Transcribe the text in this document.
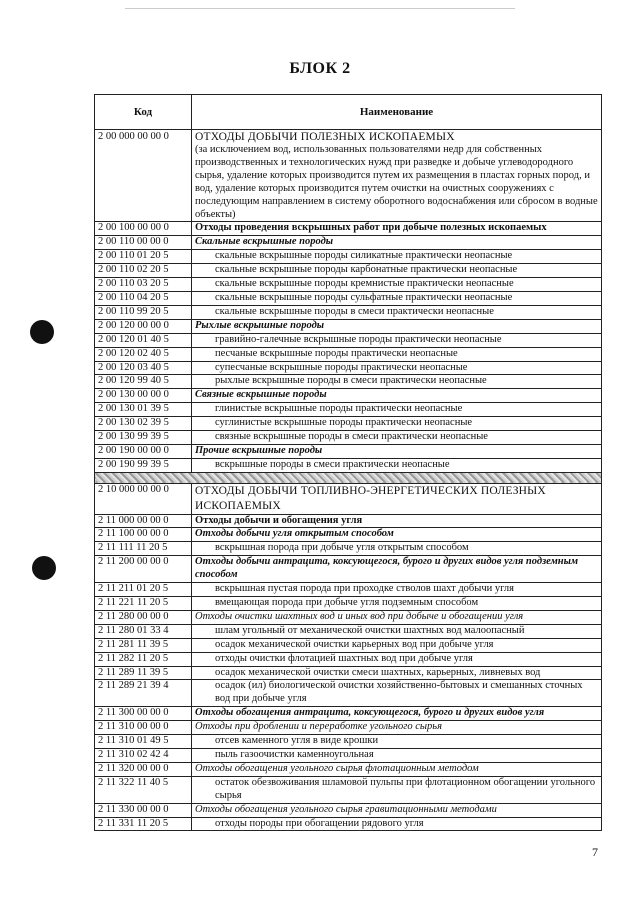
БЛОК 2
Код	Наименование
2 00 000 00 00 0	ОТХОДЫ ДОБЫЧИ ПОЛЕЗНЫХ ИСКОПАЕМЫХ
(за исключением вод, использованных пользователями недр для собственных производственных и технологических нужд при разведке и добыче углеводородного сырья, удаление которых производится путем их размещения в пластах горных пород, и вод, удаление которых производится путем очистки на очистных сооружениях с последующим направлением в систему оборотного водоснабжения или сбросом в водные объекты)

2 00 100 00 00 0	Отходы проведения вскрышных работ при добыче полезных ископаемых
2 00 110 00 00 0	Скальные вскрышные породы
2 00 110 01 20 5	скальные вскрышные породы силикатные практически неопасные

2 00 110 02 20 5	скальные вскрышные породы карбонатные практически неопасные

2 00 110 03 20 5	скальные вскрышные породы кремнистые практически неопасные

2 00 110 04 20 5	скальные вскрышные породы сульфатные практически неопасные

2 00 110 99 20 5	скальные вскрышные породы в смеси практически неопасные

2 00 120 00 00 0	Рыхлые вскрышные породы
2 00 120 01 40 5	гравийно-галечные вскрышные породы практически неопасные

2 00 120 02 40 5	песчаные вскрышные породы практически неопасные

2 00 120 03 40 5	супесчаные вскрышные породы практически неопасные

2 00 120 99 40 5	рыхлые вскрышные породы в смеси практически неопасные

2 00 130 00 00 0	Связные вскрышные породы
2 00 130 01 39 5	глинистые вскрышные породы практически неопасные

2 00 130 02 39 5	суглинистые вскрышные породы практически неопасные

2 00 130 99 39 5	связные вскрышные породы в смеси практически неопасные

2 00 190 00 00 0	Прочие вскрышные породы
2 00 190 99 39 5	вскрышные породы в смеси практически неопасные

2 10 000 00 00 0	ОТХОДЫ ДОБЫЧИ ТОПЛИВНО-ЭНЕРГЕТИЧЕСКИХ ПОЛЕЗНЫХ ИСКОПАЕМЫХ
2 11 000 00 00 0	Отходы добычи и обогащения угля
2 11 100 00 00 0	Отходы добычи угля открытым способом
2 11 111 11 20 5	вскрышная порода при добыче угля открытым способом

2 11 200 00 00 0	Отходы добычи антрацита, коксующегося, бурого и других видов угля подземным способом
2 11 211 01 20 5	вскрышная пустая порода при проходке стволов шахт добычи угля

2 11 221 11 20 5	вмещающая порода при добыче угля подземным способом

2 11 280 00 00 0	Отходы очистки шахтных вод и иных вод при добыче и обогащении угля
2 11 280 01 33 4	шлам угольный от механической очистки шахтных вод малоопасный

2 11 281 11 39 5	осадок механической очистки карьерных вод при добыче угля

2 11 282 11 20 5	отходы очистки флотацией шахтных вод при добыче угля

2 11 289 11 39 5	осадок механической очистки смеси шахтных, карьерных, ливневых вод

2 11 289 21 39 4	осадок (ил) биологической очистки хозяйственно-бытовых и смешанных сточных вод при добыче угля

2 11 300 00 00 0	Отходы обогащения антрацита, коксующегося, бурого и других видов угля
2 11 310 00 00 0	Отходы при дроблении и переработке угольного сырья
2 11 310 01 49 5	отсев каменного угля в виде крошки

2 11 310 02 42 4	пыль газоочистки каменноугольная

2 11 320 00 00 0	Отходы обогащения угольного сырья флотационным методом
2 11 322 11 40 5	остаток обезвоживания шламовой пульпы при флотационном обогащении угольного сырья

2 11 330 00 00 0	Отходы обогащения угольного сырья гравитационными методами
2 11 331 11 20 5	отходы породы при обогащении рядового угля
7
